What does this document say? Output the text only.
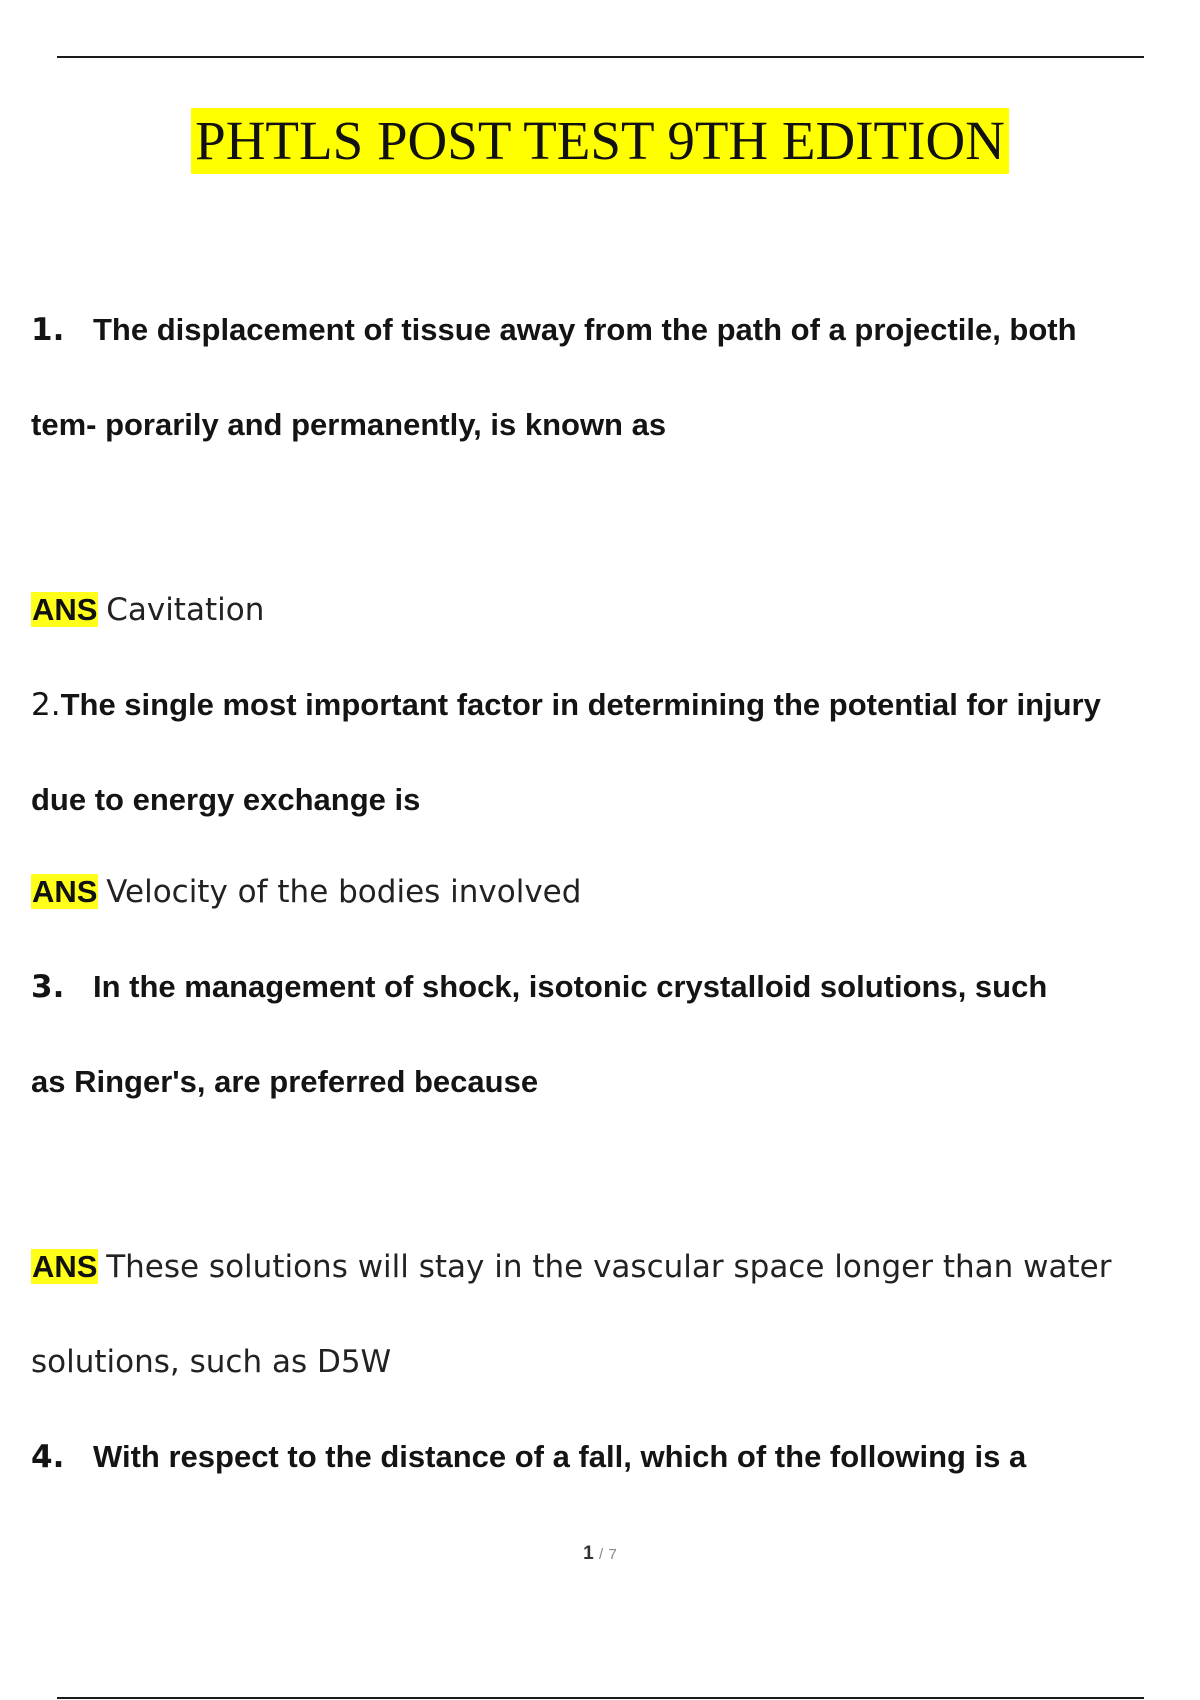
PHTLS POST TEST 9TH EDITION
1. The displacement of tissue away from the path of a projectile, both
tem- porarily and permanently, is known as
ANS Cavitation
2.The single most important factor in determining the potential for injury
due to energy exchange is
ANS Velocity of the bodies involved
3. In the management of shock, isotonic crystalloid solutions, such
as Ringer's, are preferred because
ANS These solutions will stay in the vascular space longer than water
solutions, such as D5W
4. With respect to the distance of a fall, which of the following is a
1 / 7
